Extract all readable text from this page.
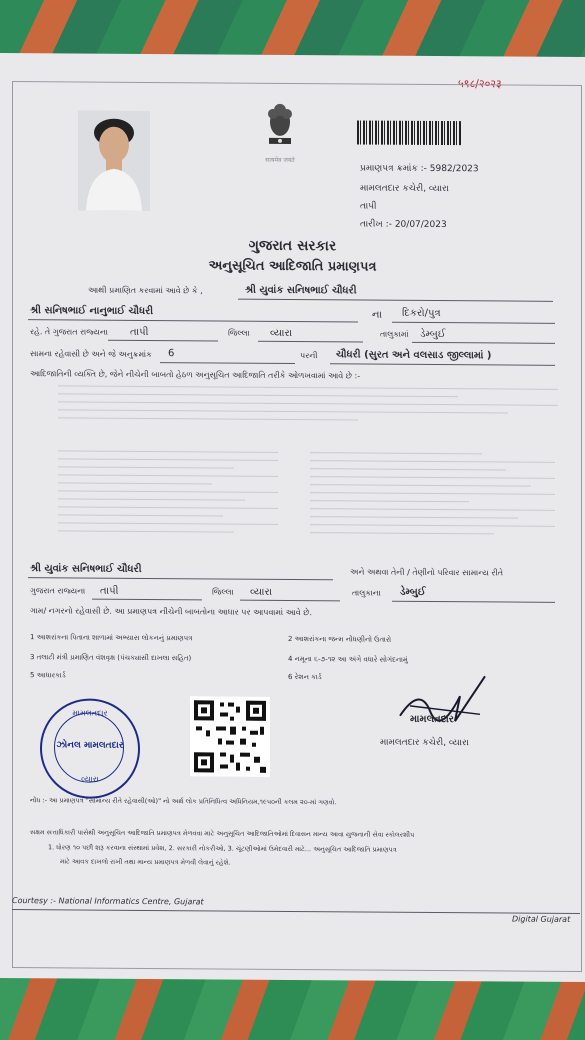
५९८/२०२३
सत्यमेव जयते
પ્રમાણપત્ર ક્રમાંક :- 5982/2023
મામલતદાર કચેરી, વ્યારા
તાપી
તારીખ :- 20/07/2023
ગુજરાત સરકાર
અનુસૂચિત આદિજાતિ પ્રમાણપત્ર
આથી પ્રમાણિત કરવામાં આવે છે કે ,	શ્રી યુવાંક સનિષભાઈ ચૌધરી
શ્રી સનિષભાઈ નાનુભાઈ ચૌધરી	ના દિકરો/પુત્ર
રહે. તે ગુજરાત રાજ્યના તાપી	જિલ્લા વ્યારા	તાલુકામાં ડેમ્બુઈ
સામના રહેવાસી છે અને જે અનુક્રમાંક 6	પરની ચૌધરી (સુરત અને વલસાડ જીલ્લામાં )
આદિજાતિની વ્યક્તિ છે, જેને નીચેની બાબતો હેઠળ અનુસૂચિત આદિજાતિ તરીકે ઓળખવામાં આવે છે :-
શ્રી યુવાંક સનિષભાઈ ચૌધરી	અને અથવા તેની / તેણીનો પરિવાર સામાન્ય રીતે
ગુજરાત રાજ્યના તાપી	જિલ્લા વ્યારા	તાલુકાના ડેમ્બુઈ
ગામ/ નગરનો રહેવાસી છે. આ પ્રમાણપત્ર નીચેની બાબતોના આધાર પર આપવામાં આવે છે.
1 આશરાંકના પિતાના શાળામાં અભ્યાસ લોકનનું પ્રમાણપત્ર	2 આશરાંકના જન્મ નોંધણીનો ઉતારો
3 તલાટી મંત્રી પ્રમાણિત વંશવૃક્ષ (પંચક્યાસી દાખલા સહિત)	4 નમૂના ૬-૭-૧૨ આ અંગે વધારે સોગંદનામું
5 આધારકાર્ડ	6 રેશન કાર્ડ
મામલતદાર
ઝોનલ મામલતદાર
વ્યારા
મામલતદાર
મામલતદાર કચેરી, વ્યારા
નોંધ :- આ પ્રમાણપત્ર "સામાન્ય રીતે રહેવાસી(ઓ)" નો અર્થ લોક પ્રતિનિધિત્વ અધિનિયમ,૧૯૫૦ની કલમ ૨૦-માં ગણવો.
સક્ષમ સત્તાધિકારી પાસેથી અનુસૂચિત આદિજાતિ પ્રમાણપત્ર મેળવવા માટે અનુસૂચિત આદિજાતિઓમાં દિવાસન માન્ય આવા યુજનાની સેવા સ્કોલરશીપ
1. ધોરણ ૧૦ પછી શરૂ કરવાના સંસ્થામાં પ્રવેશ, 2. સરકારી નોકરીઓ, 3. ચૂંટણીઓમાં ઉમેદવારી માટે... અનુસૂચિત આદિજાતિ પ્રમાણપત્ર
માટે આવક દાખલો રાખી તથા માન્ય પ્રમાણપત્ર મેળવી લેવાનું રહેશે.
Courtesy :- National Informatics Centre, Gujarat
Digital Gujarat
